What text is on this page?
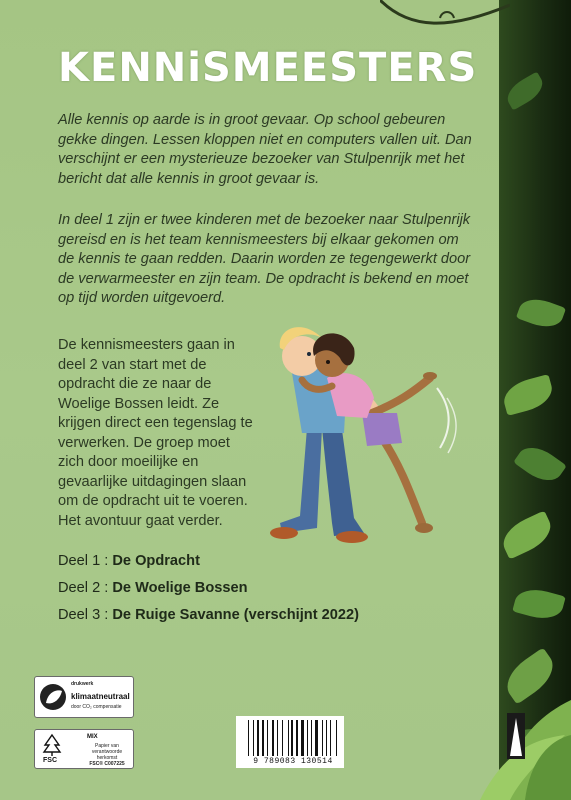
KENNiSMEESTERS

Alle kennis op aarde is in groot gevaar. Op school gebeuren gekke dingen. Lessen kloppen niet en computers vallen uit. Dan verschijnt er een mysterieuze bezoeker van Stulpenrijk met het bericht dat alle kennis in groot gevaar is.

In deel 1 zijn er twee kinderen met de bezoeker naar Stulpenrijk gereisd en is het team kennismeesters bij elkaar gekomen om de kennis te gaan redden. Daarin worden ze tegengewerkt door de verwarmeester en zijn team. De opdracht is bekend en moet op tijd worden uitgevoerd.

De kennismeesters gaan in deel 2 van start met de opdracht die ze naar de Woelige Bossen leidt. Ze krijgen direct een tegenslag te verwerken. De groep moet zich door moeilijke en gevaarlijke uitdagingen slaan om de opdracht uit te voeren. Het avontuur gaat verder.

Deel 1 : De Opdracht
Deel 2 : De Woelige Bossen
Deel 3 : De Ruige Savanne (verschijnt 2022)
drukwerk
klimaatneutraal
door CO₂ compensatie
FSC
MIX
Papier van verantwoorde herkomst
FSC® C007225	9 789083 130514
